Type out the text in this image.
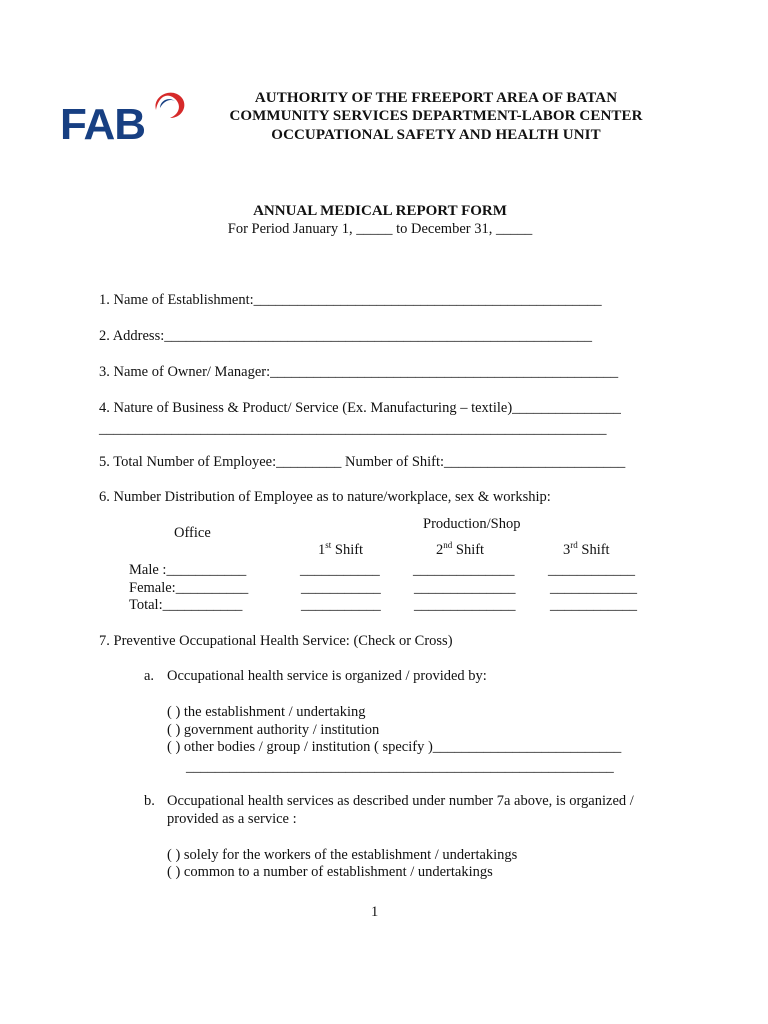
FAB
AUTHORITY OF THE FREEPORT AREA OF BATAN
COMMUNITY SERVICES DEPARTMENT-LABOR CENTER
OCCUPATIONAL SAFETY AND HEALTH UNIT
ANNUAL MEDICAL REPORT FORM
For Period January 1, _____ to December 31, _____
1. Name of Establishment:________________________________________________
2. Address:___________________________________________________________
3. Name of Owner/ Manager:________________________________________________
4. Nature of Business & Product/ Service (Ex. Manufacturing – textile)_______________
______________________________________________________________________
5. Total Number of Employee:_________ Number of Shift:_________________________
6. Number Distribution of Employee as to nature/workplace, sex & workship:
Office
Production/Shop
1st Shift	2nd Shift	3rd Shift
Male :___________	___________ ______________ ____________
Female:__________	___________ ______________ ____________
Total:___________	___________ ______________ ____________
7. Preventive Occupational Health Service: (Check or Cross)
a. Occupational health service is organized / provided by:
( ) the establishment / undertaking
( ) government authority / institution
( ) other bodies / group / institution ( specify )__________________________
___________________________________________________________
b. Occupational health services as described under number 7a above, is organized /
provided as a service :
( ) solely for the workers of the establishment / undertakings
( ) common to a number of establishment / undertakings
1
